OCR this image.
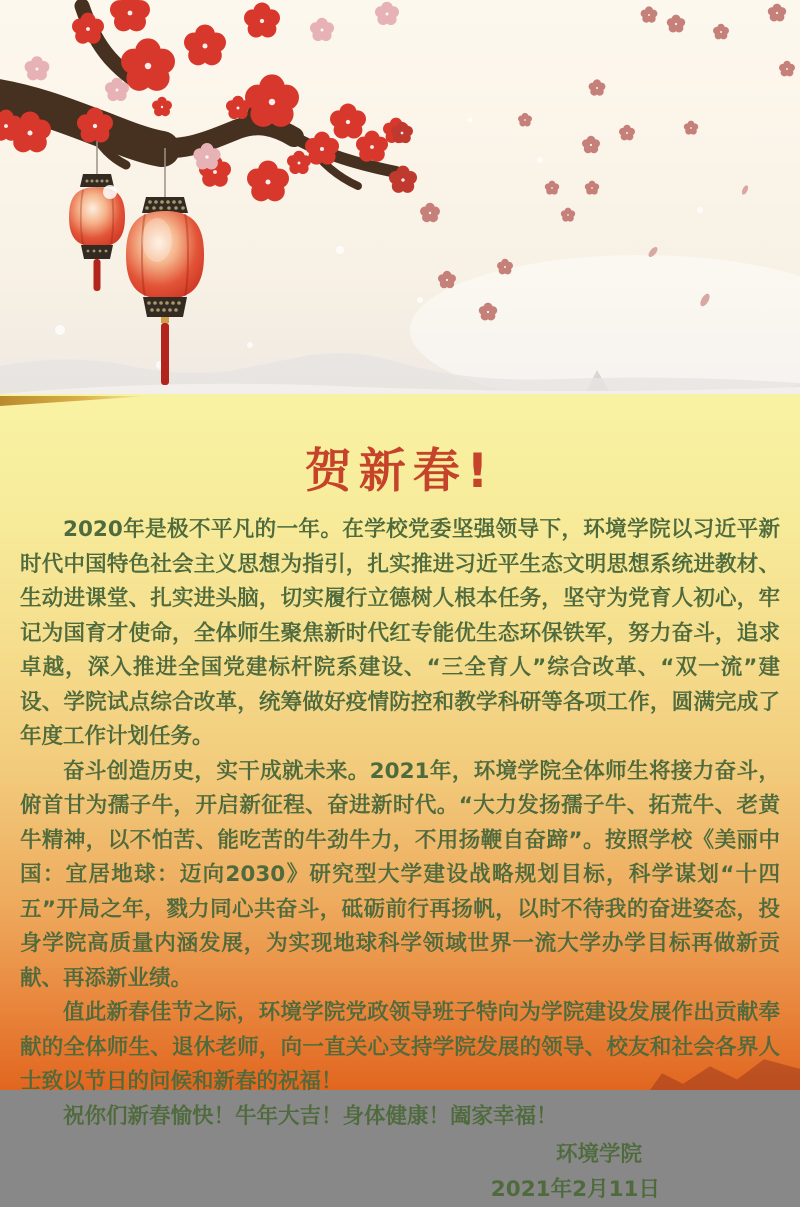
贺新春!

2020年是极不平凡的一年。在学校党委坚强领导下，环境学院以习近平新时代中国特色社会主义思想为指引，扎实推进习近平生态文明思想系统进教材、生动进课堂、扎实进头脑，切实履行立德树人根本任务，坚守为党育人初心，牢记为国育才使命，全体师生聚焦新时代红专能优生态环保铁军，努力奋斗，追求卓越，深入推进全国党建标杆院系建设、“三全育人”综合改革、“双一流”建设、学院试点综合改革，统筹做好疫情防控和教学科研等各项工作，圆满完成了年度工作计划任务。

奋斗创造历史，实干成就未来。2021年，环境学院全体师生将接力奋斗，俯首甘为孺子牛，开启新征程、奋进新时代。“大力发扬孺子牛、拓荒牛、老黄牛精神，以不怕苦、能吃苦的牛劲牛力，不用扬鞭自奋蹄”。按照学校《美丽中国：宜居地球：迈向2030》研究型大学建设战略规划目标，科学谋划“十四五”开局之年，戮力同心共奋斗，砥砺前行再扬帆，以时不待我的奋进姿态，投身学院高质量内涵发展，为实现地球科学领域世界一流大学办学目标再做新贡献、再添新业绩。

值此新春佳节之际，环境学院党政领导班子特向为学院建设发展作出贡献奉献的全体师生、退休老师，向一直关心支持学院发展的领导、校友和社会各界人士致以节日的问候和新春的祝福！

祝你们新春愉快！牛年大吉！身体健康！阖家幸福！

环境学院
2021年2月11日
